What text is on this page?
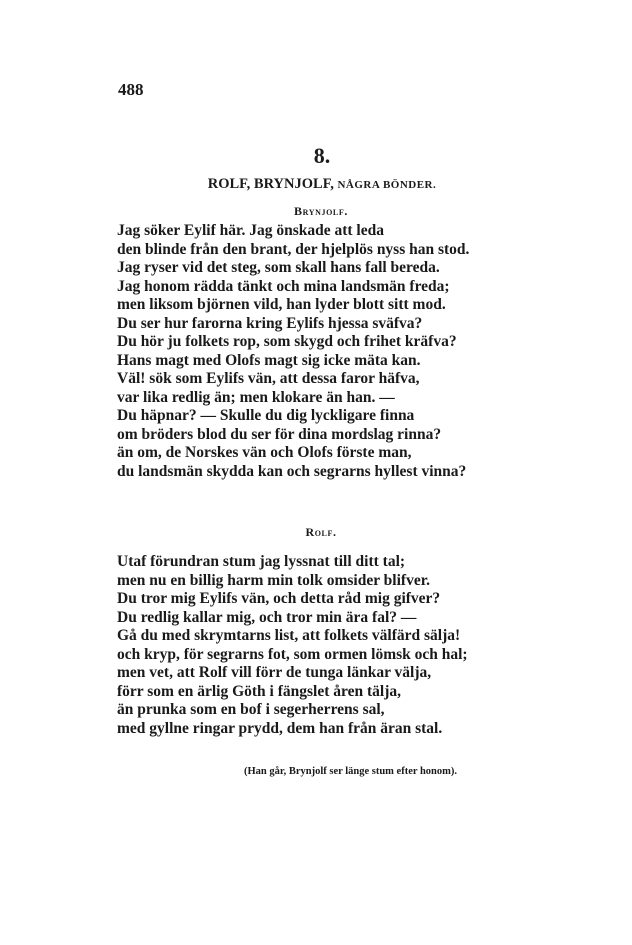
488
8.
ROLF, BRYNJOLF, NÅGRA BÖNDER.
Brynjolf.
Jag söker Eylif här. Jag önskade att leda
den blinde från den brant, der hjelplös nyss han stod.
Jag ryser vid det steg, som skall hans fall bereda.
Jag honom rädda tänkt och mina landsmän freda;
men liksom björnen vild, han lyder blott sitt mod.
Du ser hur farorna kring Eylifs hjessa sväfva?
Du hör ju folkets rop, som skygd och frihet kräfva?
Hans magt med Olofs magt sig icke mäta kan.
Väl! sök som Eylifs vän, att dessa faror häfva,
var lika redlig än; men klokare än han. —
Du häpnar? — Skulle du dig lyckligare finna
om bröders blod du ser för dina mordslag rinna?
än om, de Norskes vän och Olofs förste man,
du landsmän skydda kan och segrarns hyllest vinna?
Rolf.
Utaf förundran stum jag lyssnat till ditt tal;
men nu en billig harm min tolk omsider blifver.
Du tror mig Eylifs vän, och detta råd mig gifver?
Du redlig kallar mig, och tror min ära fal? —
Gå du med skrymtarns list, att folkets välfärd sälja!
och kryp, för segrarns fot, som ormen lömsk och hal;
men vet, att Rolf vill förr de tunga länkar välja,
förr som en ärlig Göth i fängslet åren tälja,
än prunka som en bof i segerherrens sal,
med gyllne ringar prydd, dem han från äran stal.
(Han går, Brynjolf ser länge stum efter honom).
